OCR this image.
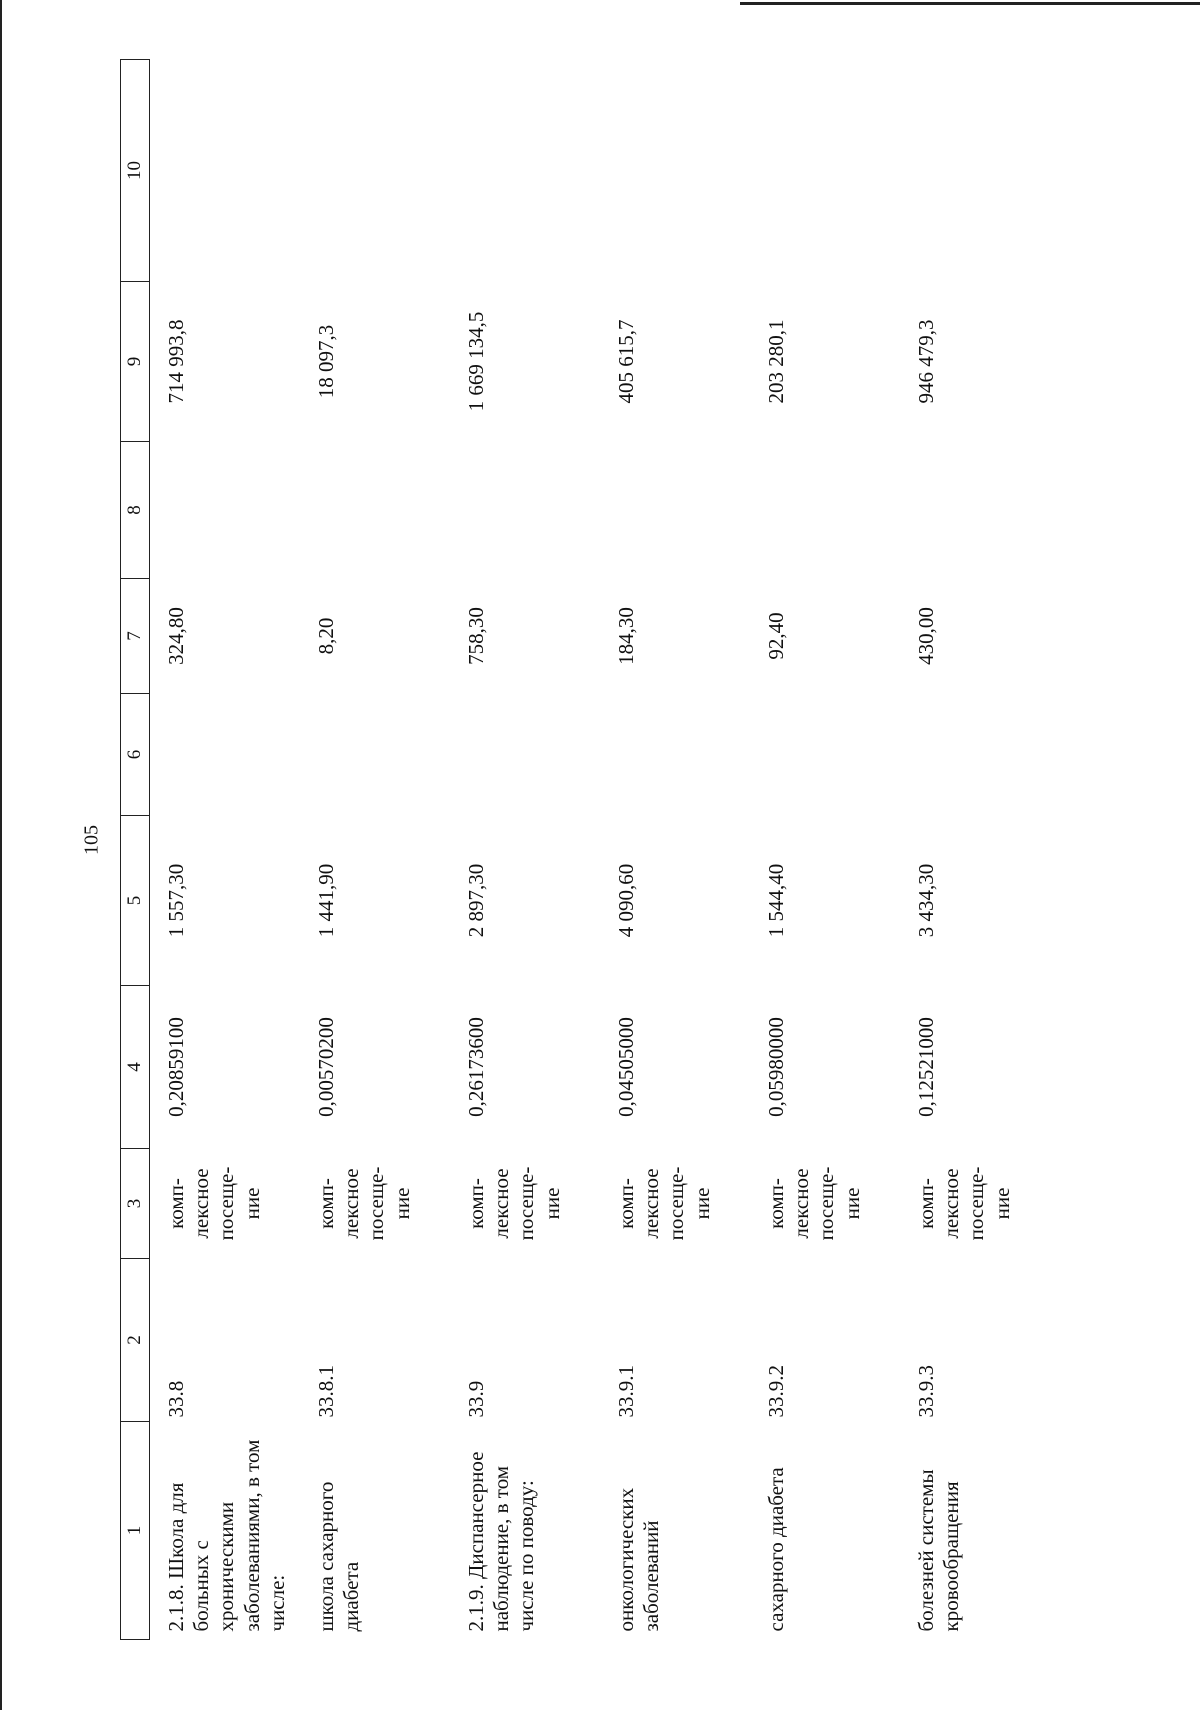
105
1	2	3	4	5	6	7	8	9	10
2.1.8. Школа для больных с хроническими заболеваниями, в том числе:	33.8	комп-лексное посеще-ние	0,20859100	1 557,30		324,80		714 993,8	
школа сахарного диабета	33.8.1	комп-лексное посеще-ние	0,00570200	1 441,90		8,20		18 097,3	
2.1.9. Диспансерное наблюдение, в том числе по поводу:	33.9	комп-лексное посеще-ние	0,26173600	2 897,30		758,30		1 669 134,5	
онкологических заболеваний	33.9.1	комп-лексное посеще-ние	0,04505000	4 090,60		184,30		405 615,7	
сахарного диабета	33.9.2	комп-лексное посеще-ние	0,05980000	1 544,40		92,40		203 280,1	
болезней системы кровообращения	33.9.3	комп-лексное посеще-ние	0,12521000	3 434,30		430,00		946 479,3	
